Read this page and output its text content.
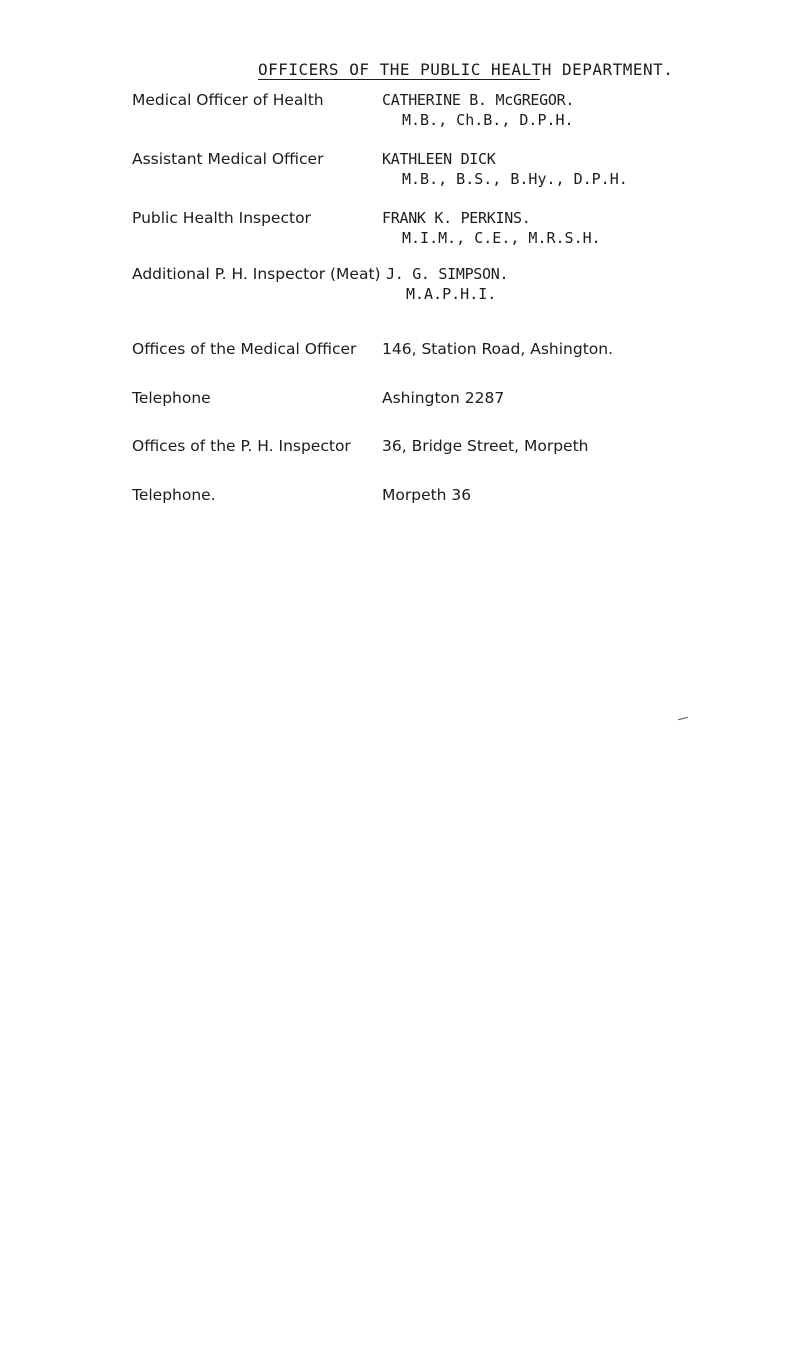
OFFICERS OF THE PUBLIC HEALTH DEPARTMENT.
Medical Officer of Health	CATHERINE B. McGREGOR.
M.B., Ch.B., D.P.H.
Assistant Medical Officer	KATHLEEN DICK
M.B., B.S., B.Hy., D.P.H.
Public Health Inspector	FRANK K. PERKINS.
M.I.M., C.E., M.R.S.H.
Additional P. H. Inspector (Meat) J. G. SIMPSON.
M.A.P.H.I.
Offices of the Medical Officer 146, Station Road, Ashington.
Telephone	Ashington 2287
Offices of the P. H. Inspector 36, Bridge Street, Morpeth
Telephone.	Morpeth 36
